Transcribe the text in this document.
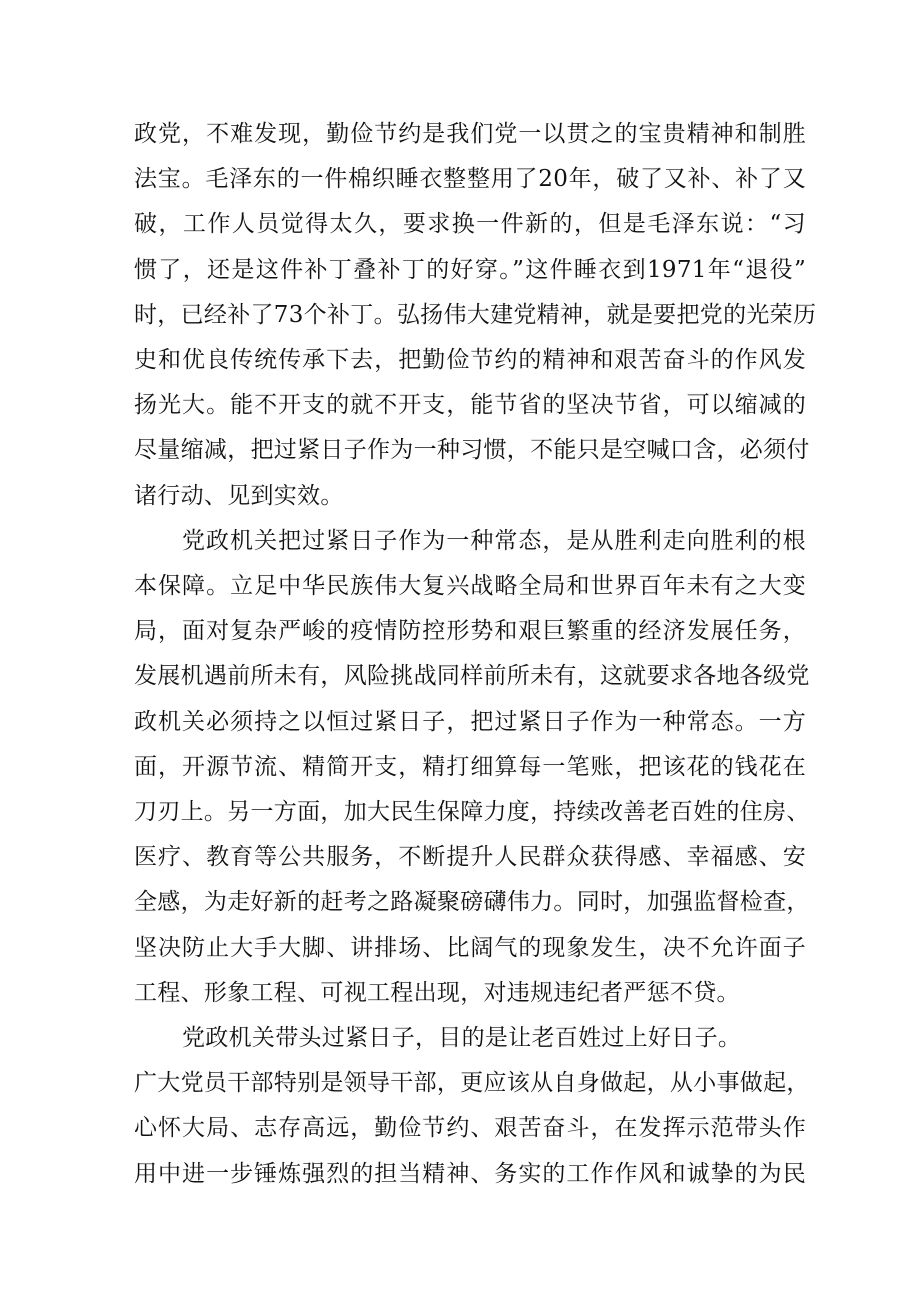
政党，不难发现，勤俭节约是我们党一以贯之的宝贵精神和制胜
法宝。毛泽东的一件棉织睡衣整整用了20年，破了又补、补了又
破，工作人员觉得太久，要求换一件新的，但是毛泽东说：“习
惯了，还是这件补丁叠补丁的好穿。”这件睡衣到1971年“退役”
时，已经补了73个补丁。弘扬伟大建党精神，就是要把党的光荣历
史和优良传统传承下去，把勤俭节约的精神和艰苦奋斗的作风发
扬光大。能不开支的就不开支，能节省的坚决节省，可以缩减的
尽量缩减，把过紧日子作为一种习惯，不能只是空喊口含，必须付
诸行动、见到实效。
党政机关把过紧日子作为一种常态，是从胜利走向胜利的根
本保障。立足中华民族伟大复兴战略全局和世界百年未有之大变
局，面对复杂严峻的疫情防控形势和艰巨繁重的经济发展任务，
发展机遇前所未有，风险挑战同样前所未有，这就要求各地各级党
政机关必须持之以恒过紧日子，把过紧日子作为一种常态。一方
面，开源节流、精简开支，精打细算每一笔账，把该花的钱花在
刀刃上。另一方面，加大民生保障力度，持续改善老百姓的住房、
医疗、教育等公共服务，不断提升人民群众获得感、幸福感、安
全感，为走好新的赶考之路凝聚磅礴伟力。同时，加强监督检查，
坚决防止大手大脚、讲排场、比阔气的现象发生，决不允许面子
工程、形象工程、可视工程出现，对违规违纪者严惩不贷。
党政机关带头过紧日子，目的是让老百姓过上好日子。
广大党员干部特别是领导干部，更应该从自身做起，从小事做起，
心怀大局、志存高远，勤俭节约、艰苦奋斗，在发挥示范带头作
用中进一步锤炼强烈的担当精神、务实的工作作风和诚挚的为民
